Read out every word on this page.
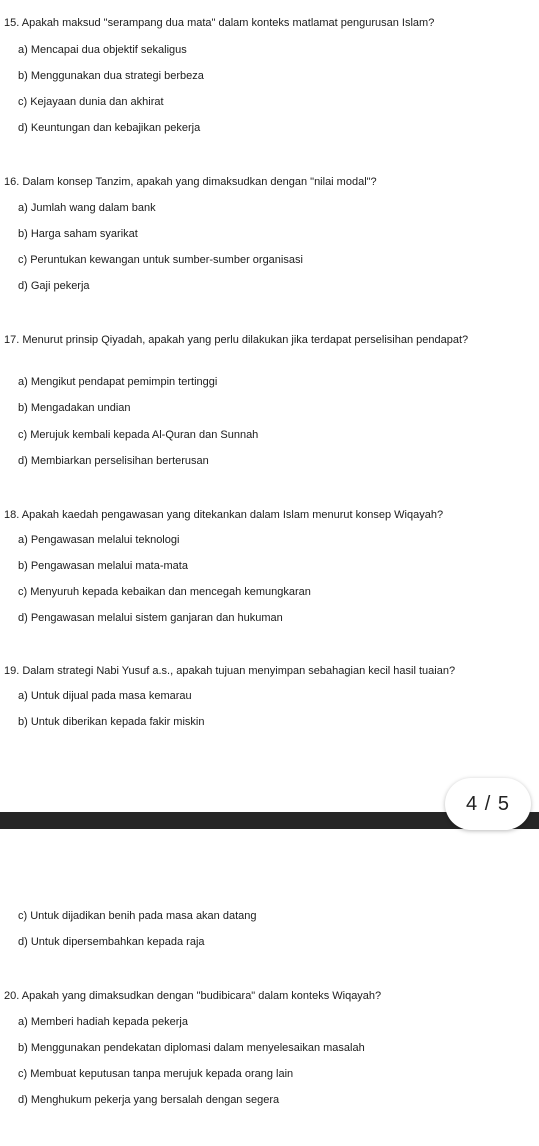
15. Apakah maksud "serampang dua mata" dalam konteks matlamat pengurusan Islam?
a) Mencapai dua objektif sekaligus
b) Menggunakan dua strategi berbeza
c) Kejayaan dunia dan akhirat
d) Keuntungan dan kebajikan pekerja
16. Dalam konsep Tanzim, apakah yang dimaksudkan dengan "nilai modal"?
a) Jumlah wang dalam bank
b) Harga saham syarikat
c) Peruntukan kewangan untuk sumber-sumber organisasi
d) Gaji pekerja
17. Menurut prinsip Qiyadah, apakah yang perlu dilakukan jika terdapat perselisihan pendapat?
a) Mengikut pendapat pemimpin tertinggi
b) Mengadakan undian
c) Merujuk kembali kepada Al-Quran dan Sunnah
d) Membiarkan perselisihan berterusan
18. Apakah kaedah pengawasan yang ditekankan dalam Islam menurut konsep Wiqayah?
a) Pengawasan melalui teknologi
b) Pengawasan melalui mata-mata
c) Menyuruh kepada kebaikan dan mencegah kemungkaran
d) Pengawasan melalui sistem ganjaran dan hukuman
19. Dalam strategi Nabi Yusuf a.s., apakah tujuan menyimpan sebahagian kecil hasil tuaian?
a) Untuk dijual pada masa kemarau
b) Untuk diberikan kepada fakir miskin
c) Untuk dijadikan benih pada masa akan datang
d) Untuk dipersembahkan kepada raja
20. Apakah yang dimaksudkan dengan "budibicara" dalam konteks Wiqayah?
a) Memberi hadiah kepada pekerja
b) Menggunakan pendekatan diplomasi dalam menyelesaikan masalah
c) Membuat keputusan tanpa merujuk kepada orang lain
d) Menghukum pekerja yang bersalah dengan segera
4 / 5
